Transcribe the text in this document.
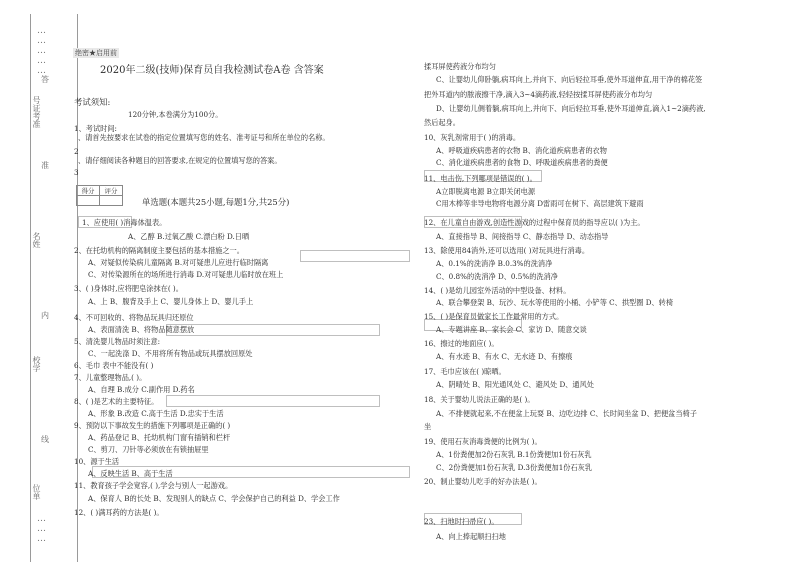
…
…
…
…
…
答
号证考准
准
名姓
内
校学
线
位单
…
…
…
绝密★启用前
2020年二级(技师)保育员自我检测试卷A卷 含答案
考试须知:
120分钟,本卷满分为100分。
1、考试时间:
、请首先按要求在试卷的指定位置填写您的姓名、准考证号和所在单位的名称。
2
、请仔细阅读各种题目的回答要求,在规定的位置填写您的答案。
3
得分	评分

单选题(本题共25小题,每题1分,共25分)
1、应使用( )消毒体温表。
A、乙醇 B.过氧乙酸 C.漂白粉 D.日晒
2、在托幼机构的隔离制度主要包括的基本措施之一。
A、对疑似传染病儿童隔离 B.对可疑患儿应进行临时隔离
C、对传染源所在的场所进行消毒 D.对可疑患儿临时放在班上
3、( )身体时,应将肥皂涂抹在( )。
A、上 B、腹背及手上 C、婴儿身体上 D、婴儿手上
4、不可回收的、将物品玩具归还原位
A、表面清洗 B、将物品随意摆放
5、清洗婴儿物品时须注意:
C、一起洗涤 D、不用将所有物品或玩具摆放回原处
6、毛巾 表中不能没有( )
7、儿童整理物品,( )。
A、自理 B.成分 C.副作用 D.药名
8、( )是艺术的主要特征。
A、形象 B.改造 C.高于生活 D.忠实于生活
9、预防以下事故发生的措施下列哪项是正确的( )
A、药品登记 B、托幼机构门窗有插销和栏杆
C、剪刀、刀针等必须放在有锁抽屉里
10、源于生活
A、反映生活 B、高于生活
11、教育孩子学会宽容,( ),学会与别人一起游戏。
A、保育人 B的长处 B、发现别人的缺点 C、学会保护自己的利益 D、学会工作
12、( )满耳药的方法是( )。
揉耳屏使药液分布均匀
C、让婴幼儿仰卧躺,病耳向上,并向下、向后轻拉耳垂,使外耳道伸直,用干净的棉花签
把外耳道内的脓液擦干净,滴入3~4滴药液,轻轻按揉耳屏使药液分布均匀
D、让婴幼儿侧着躺,病耳向上,并向下、向后轻拉耳垂,使外耳道伸直,滴入1~2滴药液,
然后起身。
10、灰乳剂常用于( )的消毒。
A、呼吸道疾病患者的衣物 B、消化道疾病患者的衣物
C、消化道疾病患者的食物 D、呼吸道疾病患者的粪便
11、电击伤,下列哪项是错误的( )。
A立即脱离电源 B立即关闭电源
C用木棒等非导电物将电源分离 D雷雨可在树下、高层建筑下避雨
12、在儿童自由游戏,创造性游戏的过程中保育员的指导应以( )为主。
A、直接指导 B、间接指导 C、静态指导 D、动态指导
13、除使用84消外,还可以选用( )对玩具进行消毒。
A、0.1%的洗消净 B.0.3%的洗消净
C、0.8%的洗消净 D、0.5%的洗消净
14、( )是幼儿园室外活动的中型设备、材料。
A、联合攀登架 B、玩沙、玩水等使用的小桶、小铲等 C、拱型圈 D、转椅
15、( )是保育员做家长工作最常用的方式。
A、专题讲座 B、家长会 C、家访 D、随意交谈
16、擦过的地面应( )。
A、有水迹 B、有水 C、无水迹 D、有擦痕
17、毛巾应该在( )晾晒。
A、阴晴处 B、阳光通风处 C、避风处 D、通风处
18、关于婴幼儿说法正确的是( )。
A、不排便就起来,不在便盆上玩耍 B、边吃边排 C、长时间坐盆 D、把便盆当椅子
坐
19、使用石灰消毒粪便的比例为( )。
A、1份粪便加2份石灰乳 B.1份粪便加1份石灰乳
C、2份粪便加1份石灰乳 D.3份粪便加1份石灰乳
20、制止婴幼儿吃手的好办法是( )。
23、扫地时扫帚应( )。
A、向上捧起顺扫扫地
